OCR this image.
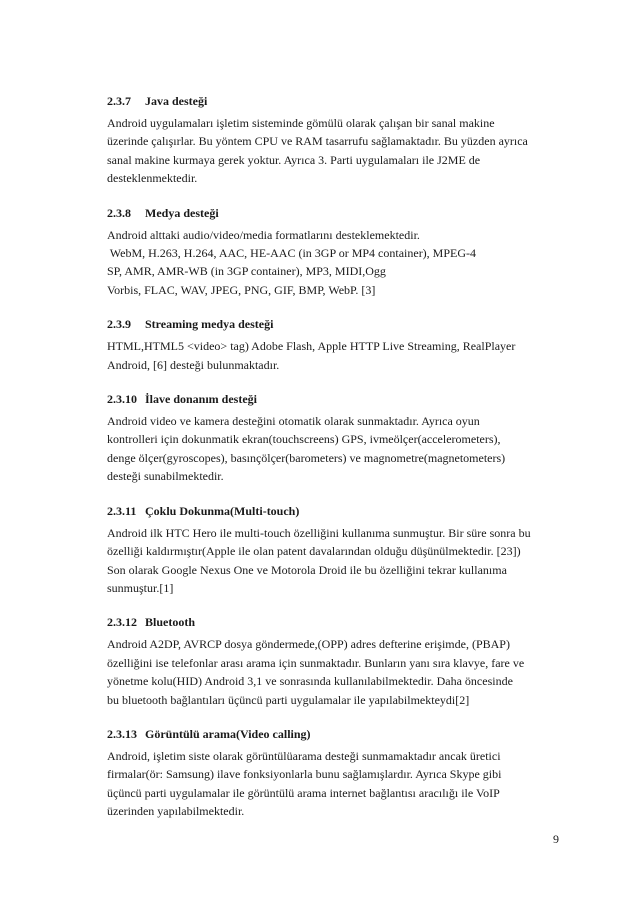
2.3.7 Java desteği
Android uygulamaları işletim sisteminde gömülü olarak çalışan bir sanal makine
üzerinde çalışırlar. Bu yöntem CPU ve RAM tasarrufu sağlamaktadır. Bu yüzden ayrıca
sanal makine kurmaya gerek yoktur. Ayrıca 3. Parti uygulamaları ile J2ME de
desteklenmektedir.
2.3.8 Medya desteği
Android alttaki audio/video/media formatlarını desteklemektedir.
WebM, H.263, H.264, AAC, HE-AAC (in 3GP or MP4 container), MPEG-4
SP, AMR, AMR-WB (in 3GP container), MP3, MIDI,Ogg
Vorbis, FLAC, WAV, JPEG, PNG, GIF, BMP, WebP. [3]
2.3.9 Streaming medya desteği
HTML,HTML5 <video> tag) Adobe Flash, Apple HTTP Live Streaming, RealPlayer
Android, [6] desteği bulunmaktadır.
2.3.10 İlave donanım desteği
Android video ve kamera desteğini otomatik olarak sunmaktadır. Ayrıca oyun
kontrolleri için dokunmatik ekran(touchscreens) GPS, ivmeölçer(accelerometers),
denge ölçer(gyroscopes), basınçölçer(barometers) ve magnometre(magnetometers)
desteği sunabilmektedir.
2.3.11 Çoklu Dokunma(Multi-touch)
Android ilk HTC Hero ile multi-touch özelliğini kullanıma sunmuştur. Bir süre sonra bu
özelliği kaldırmıştır(Apple ile olan patent davalarından olduğu düşünülmektedir. [23])
Son olarak Google Nexus One ve Motorola Droid ile bu özelliğini tekrar kullanıma
sunmuştur.[1]
2.3.12 Bluetooth
Android A2DP, AVRCP dosya göndermede,(OPP) adres defterine erişimde, (PBAP)
özelliğini ise telefonlar arası arama için sunmaktadır. Bunların yanı sıra klavye, fare ve
yönetme kolu(HID) Android 3,1 ve sonrasında kullanılabilmektedir. Daha öncesinde
bu bluetooth bağlantıları üçüncü parti uygulamalar ile yapılabilmekteydi[2]
2.3.13 Görüntülü arama(Video calling)
Android, işletim siste olarak görüntülüarama desteği sunmamaktadır ancak üretici
firmalar(ör: Samsung) ilave fonksiyonlarla bunu sağlamışlardır. Ayrıca Skype gibi
üçüncü parti uygulamalar ile görüntülü arama internet bağlantısı aracılığı ile VoIP
üzerinden yapılabilmektedir.
9
